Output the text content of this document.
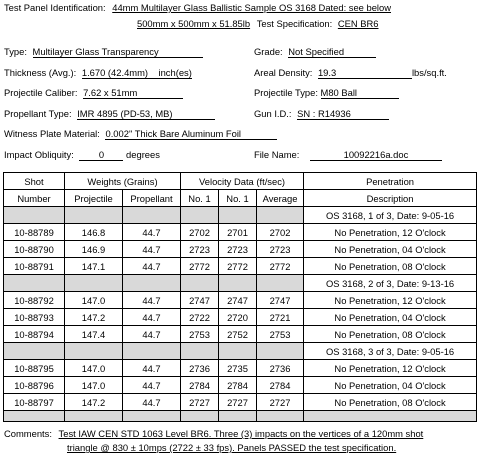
Test Panel Identification: 44mm Multilayer Glass Ballistic Sample OS 3168 Dated: see below
500mm x 500mm x 51.85lb Test Specification: CEN BR6
Type: Multilayer Glass Transparency	Grade: Not Specified
Thickness (Avg.): 1.670 (42.4mm) inch(es)	Areal Density: 19.3	lbs/sq.ft.
Projectile Caliber: 7.62 x 51mm	Projectile Type: M80 Ball
Propellant Type: IMR 4895 (PD-53, MB)	Gun I.D.: SN : R14936
Witness Plate Material: 0.002" Thick Bare Aluminum Foil
Impact Obliquity:	0 degrees	File Name:	10092216a.doc
Shot	Weights (Grains)		Velocity Data (ft/sec)			Penetration
Number	Projectile	Propellant	No. 1	No. 1	Average	Description
						OS 3168, 1 of 3, Date: 9-05-16
10-88789	146.8	44.7	2702	2701	2702	No Penetration, 12 O'clock
10-88790	146.9	44.7	2723	2723	2723	No Penetration, 04 O'clock
10-88791	147.1	44.7	2772	2772	2772	No Penetration, 08 O'clock
						OS 3168, 2 of 3, Date: 9-13-16
10-88792	147.0	44.7	2747	2747	2747	No Penetration, 12 O'clock
10-88793	147.2	44.7	2722	2720	2721	No Penetration, 04 O'clock
10-88794	147.4	44.7	2753	2752	2753	No Penetration, 08 O'clock
						OS 3168, 3 of 3, Date: 9-05-16
10-88795	147.0	44.7	2736	2735	2736	No Penetration, 12 O'clock
10-88796	147.0	44.7	2784	2784	2784	No Penetration, 04 O'clock
10-88797	147.2	44.7	2727	2727	2727	No Penetration, 08 O'clock

Comments: Test IAW CEN STD 1063 Level BR6. Three (3) impacts on the vertices of a 120mm shot
triangle @ 830 ± 10mps (2722 ± 33 fps). Panels PASSED the test specification.
